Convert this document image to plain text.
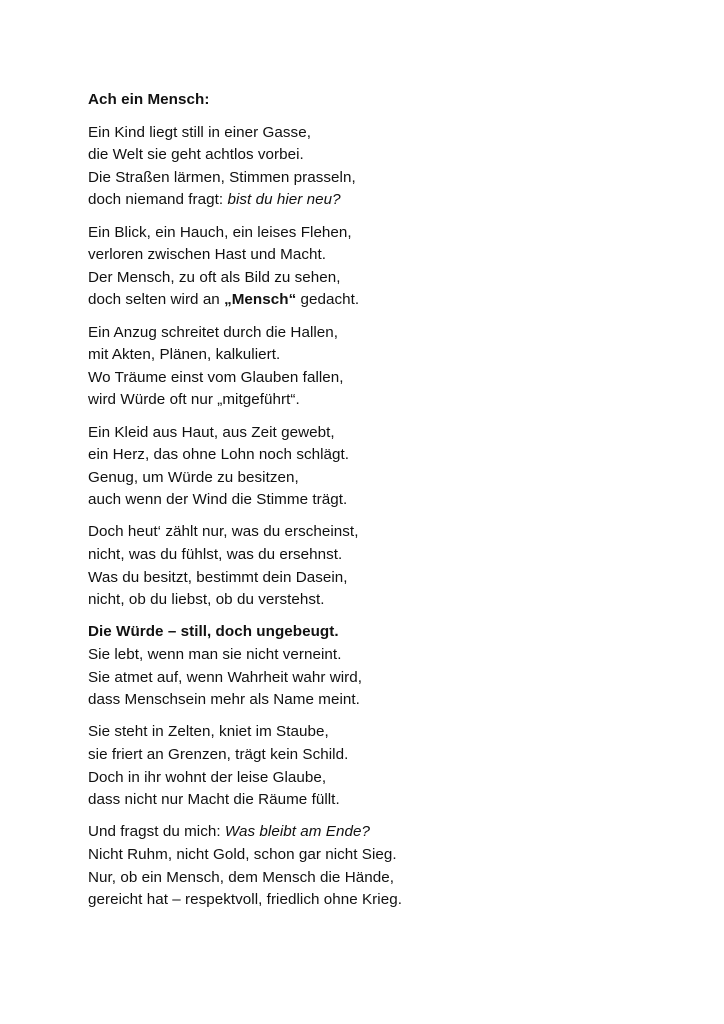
Ach ein Mensch:
Ein Kind liegt still in einer Gasse,
die Welt sie geht achtlos vorbei.
Die Straßen lärmen, Stimmen prasseln,
doch niemand fragt: bist du hier neu?
Ein Blick, ein Hauch, ein leises Flehen,
verloren zwischen Hast und Macht.
Der Mensch, zu oft als Bild zu sehen,
doch selten wird an „Mensch“ gedacht.
Ein Anzug schreitet durch die Hallen,
mit Akten, Plänen, kalkuliert.
Wo Träume einst vom Glauben fallen,
wird Würde oft nur „mitgeführt“.
Ein Kleid aus Haut, aus Zeit gewebt,
ein Herz, das ohne Lohn noch schlägt.
Genug, um Würde zu besitzen,
auch wenn der Wind die Stimme trägt.
Doch heut‘ zählt nur, was du erscheinst,
nicht, was du fühlst, was du ersehnst.
Was du besitzt, bestimmt dein Dasein,
nicht, ob du liebst, ob du verstehst.
Die Würde – still, doch ungebeugt.
Sie lebt, wenn man sie nicht verneint.
Sie atmet auf, wenn Wahrheit wahr wird,
dass Menschsein mehr als Name meint.
Sie steht in Zelten, kniet im Staube,
sie friert an Grenzen, trägt kein Schild.
Doch in ihr wohnt der leise Glaube,
dass nicht nur Macht die Räume füllt.
Und fragst du mich: Was bleibt am Ende?
Nicht Ruhm, nicht Gold, schon gar nicht Sieg.
Nur, ob ein Mensch, dem Mensch die Hände,
gereicht hat – respektvoll, friedlich ohne Krieg.
